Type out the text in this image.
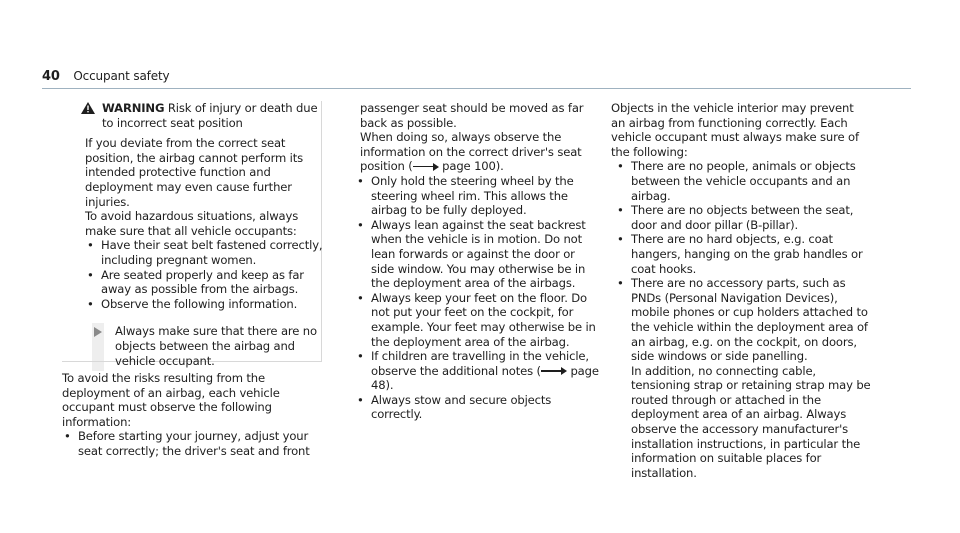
40 Occupant safety
WARNING Risk of injury or death due to incorrect seat position

If you deviate from the correct seat position, the airbag cannot perform its intended protective function and deployment may even cause further injuries.

To avoid hazardous situations, always make sure that all vehicle occupants:

• Have their seat belt fastened correctly, including pregnant women.
• Are seated properly and keep as far away as possible from the airbags.
• Observe the following information.

Always make sure that there are no objects between the airbag and vehicle occupant.

To avoid the risks resulting from the deployment of an airbag, each vehicle occupant must observe the following information:

• Before starting your journey, adjust your seat correctly; the driver's seat and front

passenger seat should be moved as far back as possible.

When doing so, always observe the information on the correct driver's seat position ( page 100).

• Only hold the steering wheel by the steering wheel rim. This allows the airbag to be fully deployed.
• Always lean against the seat backrest when the vehicle is in motion. Do not lean forwards or against the door or side window. You may otherwise be in the deployment area of the airbags.
• Always keep your feet on the floor. Do not put your feet on the cockpit, for example. Your feet may otherwise be in the deployment area of the airbag.
• If children are travelling in the vehicle, observe the additional notes ( page 48).
• Always stow and secure objects correctly.

Objects in the vehicle interior may prevent an airbag from functioning correctly. Each vehicle occupant must always make sure of the following:

• There are no people, animals or objects between the vehicle occupants and an airbag.
• There are no objects between the seat, door and door pillar (B-pillar).
• There are no hard objects, e.g. coat hangers, hanging on the grab handles or coat hooks.
• There are no accessory parts, such as PNDs (Personal Navigation Devices), mobile phones or cup holders attached to the vehicle within the deployment area of an airbag, e.g. on the cockpit, on doors, side windows or side panelling.

In addition, no connecting cable, tensioning strap or retaining strap may be routed through or attached in the deployment area of an airbag. Always observe the accessory manufacturer's installation instructions, in particular the information on suitable places for installation.
